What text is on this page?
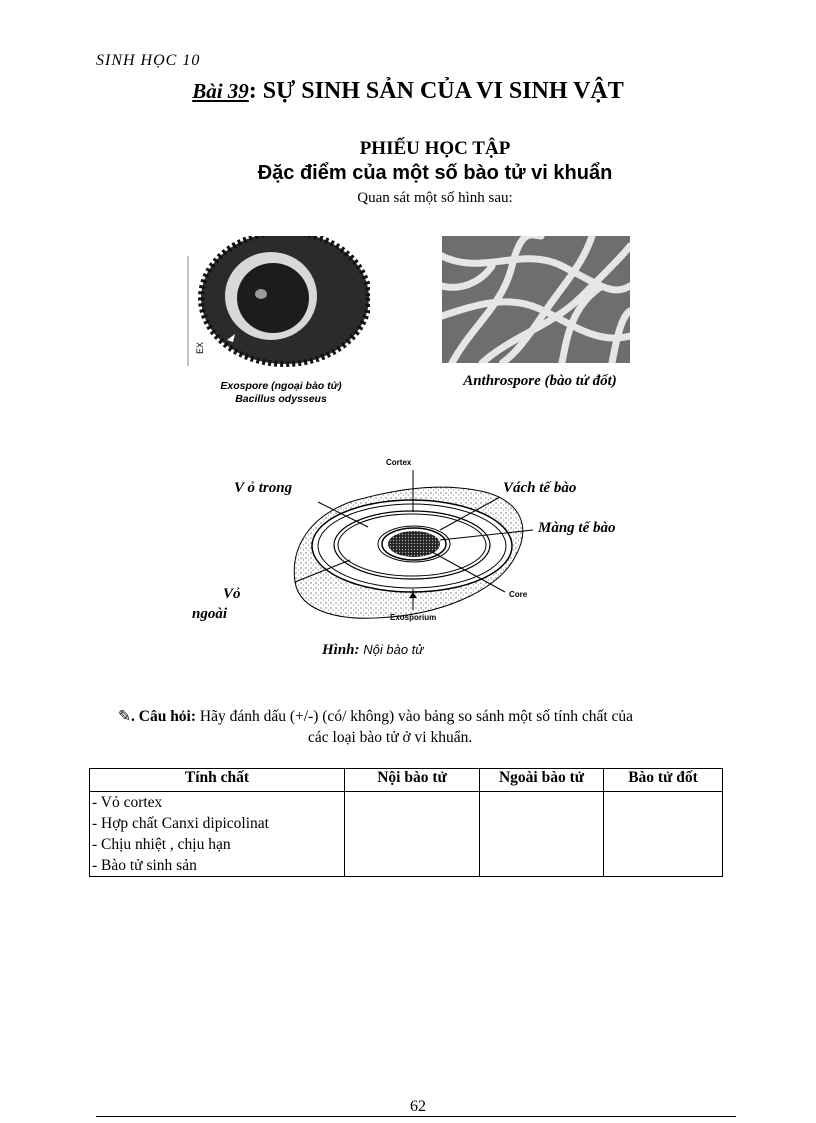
SINH HỌC 10
Bài 39: SỰ SINH SẢN CỦA VI SINH VẬT
PHIẾU HỌC TẬP
Đặc điểm của một số bào tử vi khuẩn
Quan sát một số hình sau:
EX
Exospore (ngoại bào tử)
Bacillus odysseus
Anthrospore (bào tử đốt)
Cortex
V ỏ trong	Vách tế bào
Màng tế bào
Vỏ
ngoài
Core
Exosporium
Hình: Nội bào tử
✎. Câu hỏi: Hãy đánh dấu (+/-) (có/ không) vào bảng so sánh một số tính chất của
các loại bào tử ở vi khuẩn.
Tính chất	Nội bào tử	Ngoài bào tử	Bào tử đốt

- Vỏ cortex
- Hợp chất Canxi dipicolinat
- Chịu nhiệt , chịu hạn
- Bào tử sinh sản			

62
